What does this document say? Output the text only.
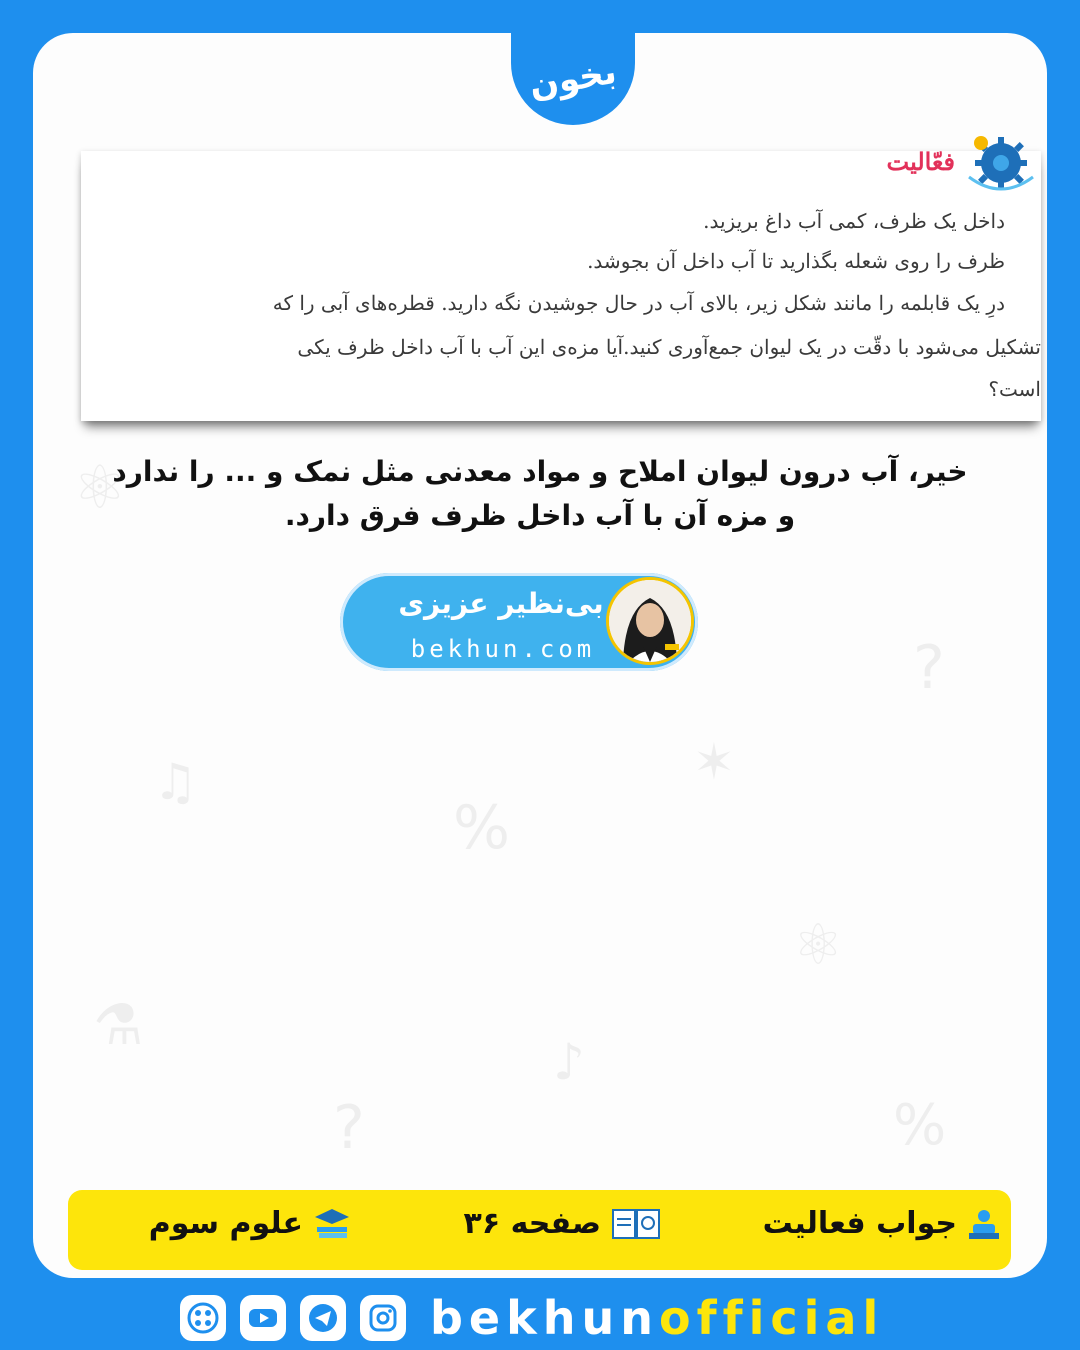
⚛
?
♫
%
⚛
⚗
♪
?	%
✶
بخون
فعّالیت
داخل یک ظرف، کمی آب داغ بریزید.
ظرف را روی شعله بگذارید تا آب داخل آن بجوشد.
درِ یک قابلمه را مانند شکل زیر، بالای آب در حال جوشیدن نگه دارید. قطره‌های آبی را که
تشکیل می‌شود با دقّت در یک لیوان جمع‌آوری کنید.آیا مزه‌ی این آب با آب داخل ظرف یکی
است؟
خیر، آب درون لیوان املاح و مواد معدنی مثل نمک و ... را ندارد
و مزه آن با آب داخل ظرف فرق دارد.
بی‌نظیر عزیزی
bekhun.com
جواب فعالیت
صفحه ۳۶
علوم سوم
bekhunofficial
